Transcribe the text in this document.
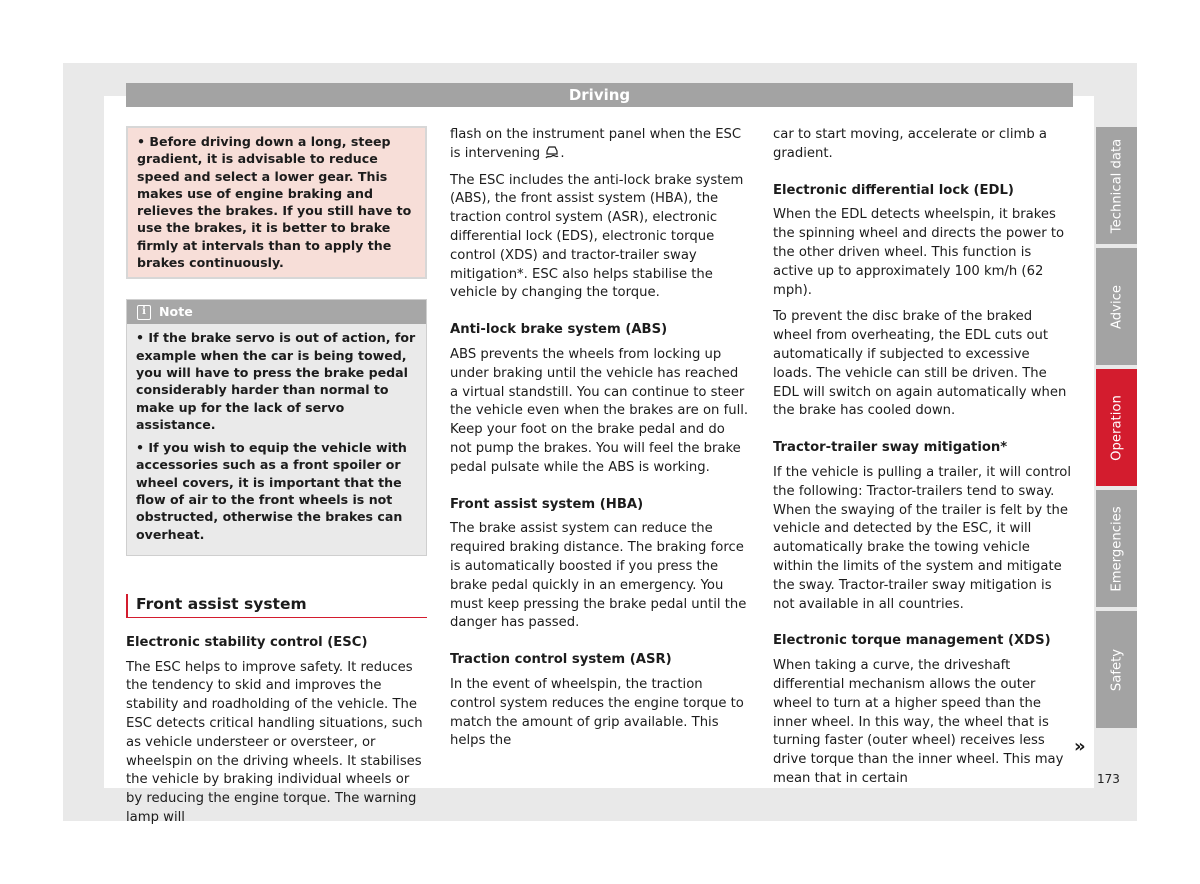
Driving
• Before driving down a long, steep gradient, it is advisable to reduce speed and select a lower gear. This makes use of engine braking and relieves the brakes. If you still have to use the brakes, it is better to brake firmly at intervals than to apply the brakes continuously.
i	Note

• If the brake servo is out of action, for example when the car is being towed, you will have to press the brake pedal considerably harder than normal to make up for the lack of servo assistance.

• If you wish to equip the vehicle with accessories such as a front spoiler or wheel covers, it is important that the flow of air to the front wheels is not obstructed, otherwise the brakes can overheat.

Front assist system
Electronic stability control (ESC)

The ESC helps to improve safety. It reduces the tendency to skid and improves the stability and roadholding of the vehicle. The ESC detects critical handling situations, such as vehicle understeer or oversteer, or wheelspin on the driving wheels. It stabilises the vehicle by braking individual wheels or by reducing the engine torque. The warning lamp will

flash on the instrument panel when the ESC is intervening .

The ESC includes the anti-lock brake system (ABS), the front assist system (HBA), the traction control system (ASR), electronic differential lock (EDS), electronic torque control (XDS) and tractor-trailer sway mitigation*. ESC also helps stabilise the vehicle by changing the torque.

Anti-lock brake system (ABS)

ABS prevents the wheels from locking up under braking until the vehicle has reached a virtual standstill. You can continue to steer the vehicle even when the brakes are on full. Keep your foot on the brake pedal and do not pump the brakes. You will feel the brake pedal pulsate while the ABS is working.

Front assist system (HBA)

The brake assist system can reduce the required braking distance. The braking force is automatically boosted if you press the brake pedal quickly in an emergency. You must keep pressing the brake pedal until the danger has passed.

Traction control system (ASR)

In the event of wheelspin, the traction control system reduces the engine torque to match the amount of grip available. This helps the

car to start moving, accelerate or climb a gradient.

Electronic differential lock (EDL)

When the EDL detects wheelspin, it brakes the spinning wheel and directs the power to the other driven wheel. This function is active up to approximately 100 km/h (62 mph).

To prevent the disc brake of the braked wheel from overheating, the EDL cuts out automatically if subjected to excessive loads. The vehicle can still be driven. The EDL will switch on again automatically when the brake has cooled down.

Tractor-trailer sway mitigation*

If the vehicle is pulling a trailer, it will control the following: Tractor-trailers tend to sway. When the swaying of the trailer is felt by the vehicle and detected by the ESC, it will automatically brake the towing vehicle within the limits of the system and mitigate the sway. Tractor-trailer sway mitigation is not available in all countries.

Electronic torque management (XDS)

When taking a curve, the driveshaft differential mechanism allows the outer wheel to turn at a higher speed than the inner wheel. In this way, the wheel that is turning faster (outer wheel) receives less drive torque than the inner wheel. This may mean that in certain

»
Technical data
Advice
Operation
Emergencies
Safety
173
